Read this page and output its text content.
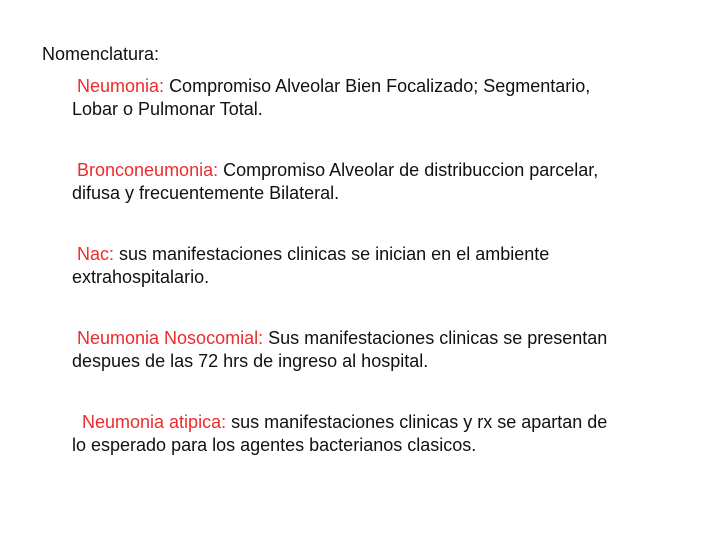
Nomenclatura:
Neumonia: Compromiso Alveolar Bien Focalizado; Segmentario,
Lobar o Pulmonar Total.
Bronconeumonia: Compromiso Alveolar de distribuccion parcelar,
difusa y frecuentemente Bilateral.
Nac: sus manifestaciones clinicas se inician en el ambiente
extrahospitalario.
Neumonia Nosocomial: Sus manifestaciones clinicas se presentan
despues de las 72 hrs de ingreso al hospital.
Neumonia atipica: sus manifestaciones clinicas y rx se apartan de
lo esperado para los agentes bacterianos clasicos.
